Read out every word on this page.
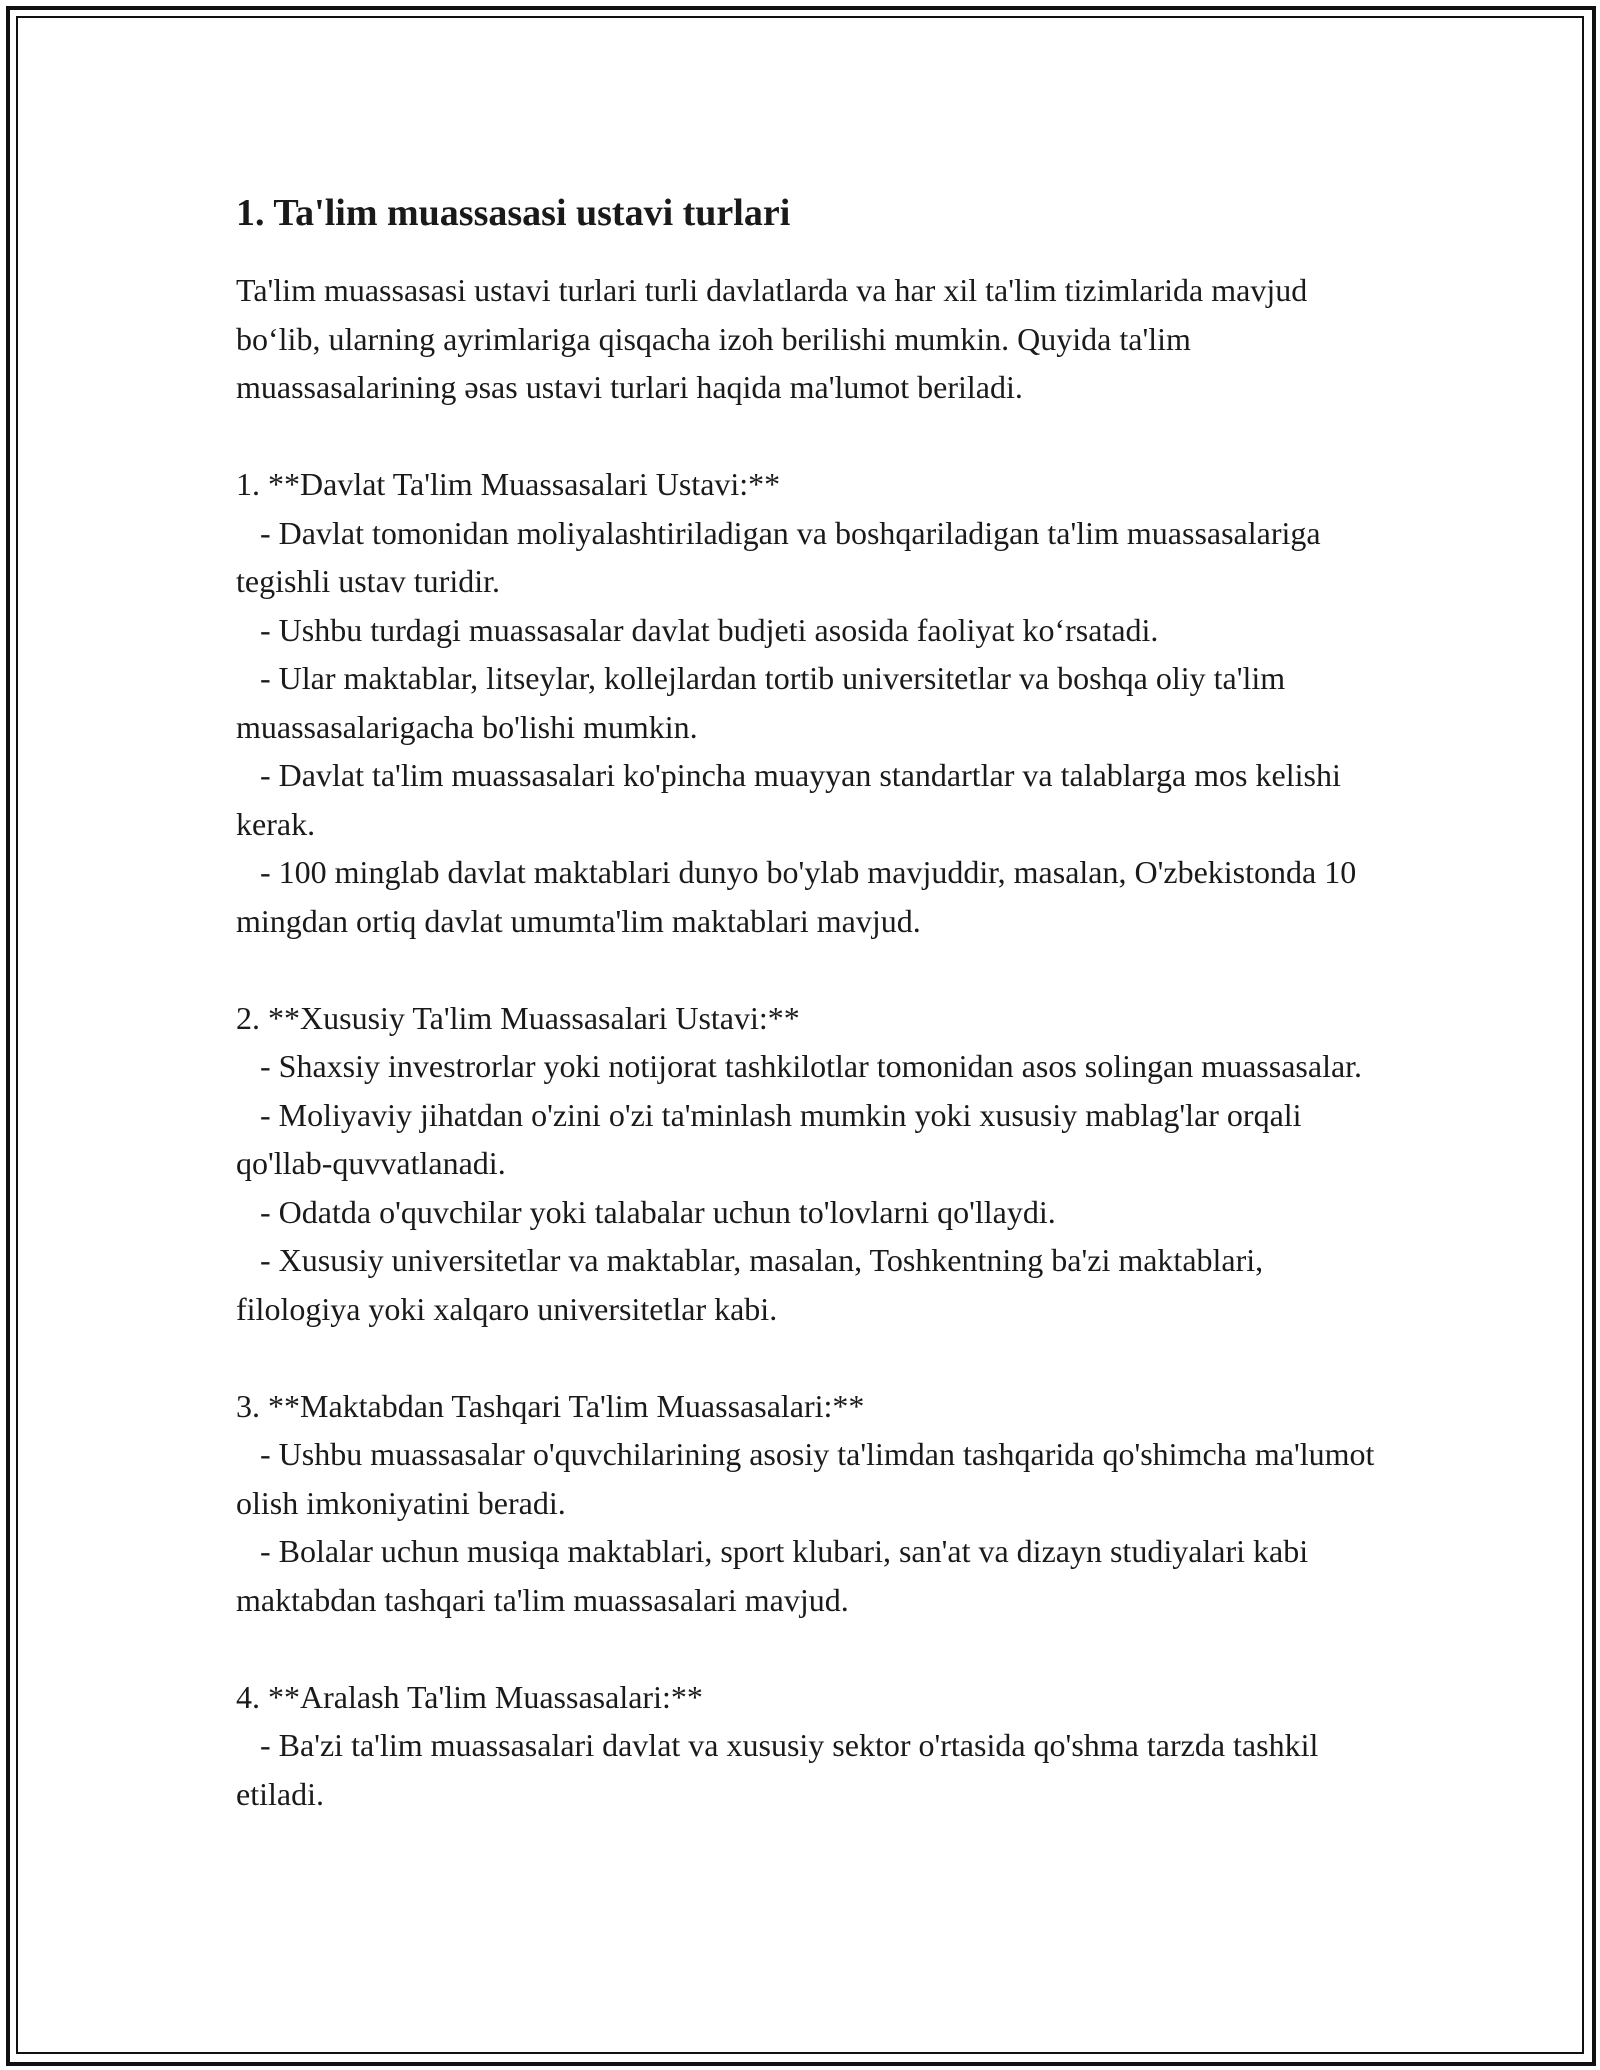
1. Ta'lim muassasasi ustavi turlari

Ta'lim muassasasi ustavi turlari turli davlatlarda va har xil ta'lim tizimlarida mavjud bo‘lib, ularning ayrimlariga qisqacha izoh berilishi mumkin. Quyida ta'lim muassasalarining əsas ustavi turlari haqida ma'lumot beriladi.

1. **Davlat Ta'lim Muassasalari Ustavi:**

- Davlat tomonidan moliyalashtiriladigan va boshqariladigan ta'lim muassasalariga tegishli ustav turidir.

- Ushbu turdagi muassasalar davlat budjeti asosida faoliyat ko‘rsatadi.

- Ular maktablar, litseylar, kollejlardan tortib universitetlar va boshqa oliy ta'lim muassasalarigacha bo'lishi mumkin.

- Davlat ta'lim muassasalari ko'pincha muayyan standartlar va talablarga mos kelishi kerak.

- 100 minglab davlat maktablari dunyo bo'ylab mavjuddir, masalan, O'zbekistonda 10 mingdan ortiq davlat umumta'lim maktablari mavjud.

2. **Xususiy Ta'lim Muassasalari Ustavi:**

- Shaxsiy investrorlar yoki notijorat tashkilotlar tomonidan asos solingan muassasalar.

- Moliyaviy jihatdan o'zini o'zi ta'minlash mumkin yoki xususiy mablag'lar orqali qo'llab-quvvatlanadi.

- Odatda o'quvchilar yoki talabalar uchun to'lovlarni qo'llaydi.

- Xususiy universitetlar va maktablar, masalan, Toshkentning ba'zi maktablari, filologiya yoki xalqaro universitetlar kabi.

3. **Maktabdan Tashqari Ta'lim Muassasalari:**

- Ushbu muassasalar o'quvchilarining asosiy ta'limdan tashqarida qo'shimcha ma'lumot olish imkoniyatini beradi.

- Bolalar uchun musiqa maktablari, sport klubari, san'at va dizayn studiyalari kabi maktabdan tashqari ta'lim muassasalari mavjud.

4. **Aralash Ta'lim Muassasalari:**

- Ba'zi ta'lim muassasalari davlat va xususiy sektor o'rtasida qo'shma tarzda tashkil etiladi.
